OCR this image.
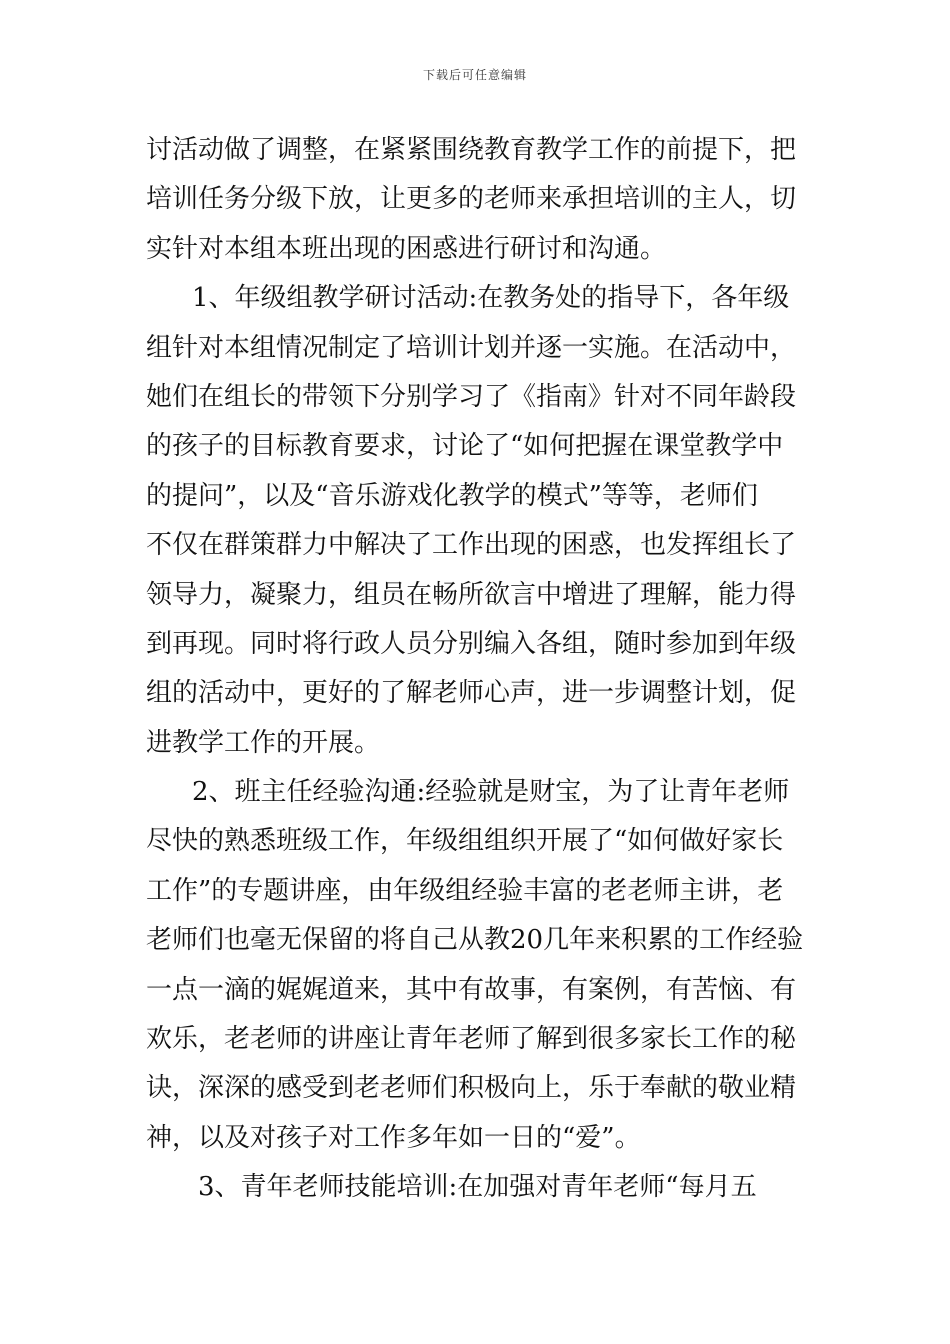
下载后可任意编辑
讨活动做了调整，在紧紧围绕教育教学工作的前提下，把
培训任务分级下放，让更多的老师来承担培训的主人，切
实针对本组本班出现的困惑进行研讨和沟通。
1、年级组教学研讨活动:在教务处的指导下，各年级
组针对本组情况制定了培训计划并逐一实施。在活动中，
她们在组长的带领下分别学习了《指南》针对不同年龄段
的孩子的目标教育要求，讨论了“如何把握在课堂教学中
的提问”，以及“音乐游戏化教学的模式”等等，老师们
不仅在群策群力中解决了工作出现的困惑，也发挥组长了
领导力，凝聚力，组员在畅所欲言中增进了理解，能力得
到再现。同时将行政人员分别编入各组，随时参加到年级
组的活动中，更好的了解老师心声，进一步调整计划，促
进教学工作的开展。
2、班主任经验沟通:经验就是财宝，为了让青年老师
尽快的熟悉班级工作，年级组组织开展了“如何做好家长
工作”的专题讲座，由年级组经验丰富的老老师主讲，老
老师们也毫无保留的将自己从教20几年来积累的工作经验
一点一滴的娓娓道来，其中有故事，有案例，有苦恼、有
欢乐，老老师的讲座让青年老师了解到很多家长工作的秘
诀，深深的感受到老老师们积极向上，乐于奉献的敬业精
神，以及对孩子对工作多年如一日的“爱”。
3、青年老师技能培训:在加强对青年老师“每月五
